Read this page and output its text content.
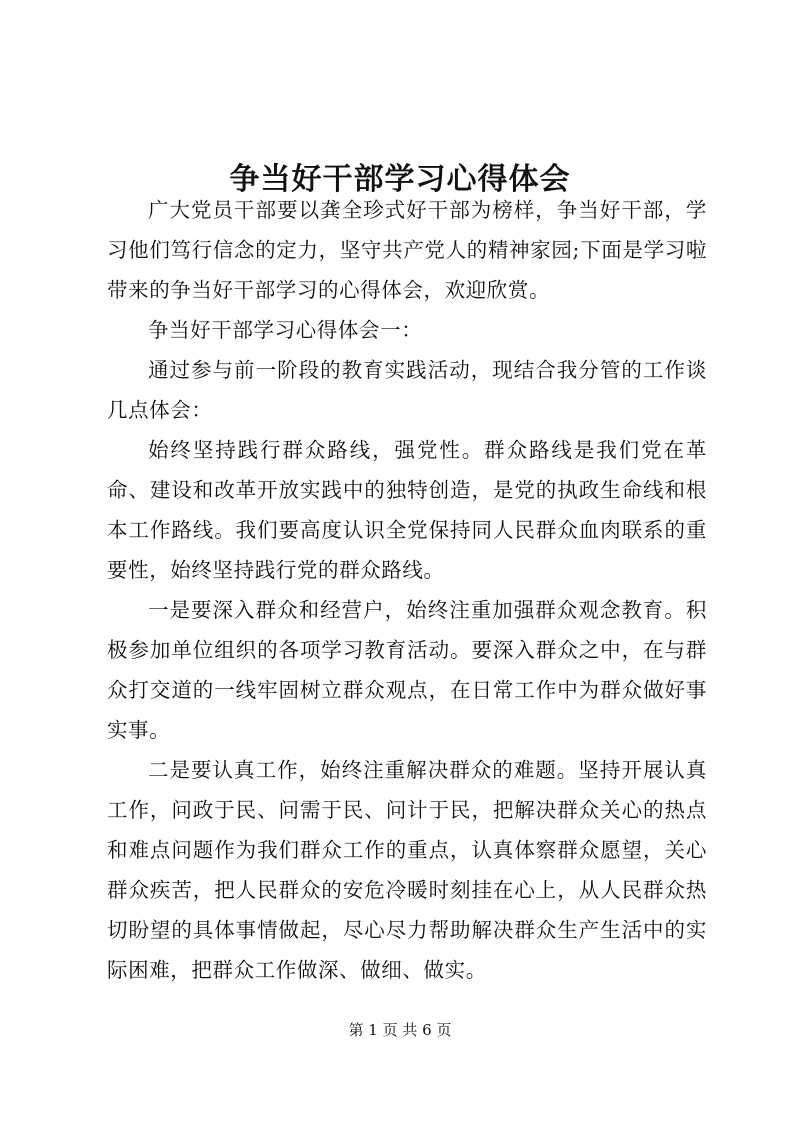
争当好干部学习心得体会

广大党员干部要以龚全珍式好干部为榜样，争当好干部，学习他们笃行信念的定力，坚守共产党人的精神家园;下面是学习啦带来的争当好干部学习的心得体会，欢迎欣赏。

争当好干部学习心得体会一：

通过参与前一阶段的教育实践活动，现结合我分管的工作谈几点体会：

始终坚持践行群众路线，强党性。群众路线是我们党在革命、建设和改革开放实践中的独特创造，是党的执政生命线和根本工作路线。我们要高度认识全党保持同人民群众血肉联系的重要性，始终坚持践行党的群众路线。

一是要深入群众和经营户，始终注重加强群众观念教育。积极参加单位组织的各项学习教育活动。要深入群众之中，在与群众打交道的一线牢固树立群众观点，在日常工作中为群众做好事实事。

二是要认真工作，始终注重解决群众的难题。坚持开展认真工作，问政于民、问需于民、问计于民，把解决群众关心的热点和难点问题作为我们群众工作的重点，认真体察群众愿望，关心群众疾苦，把人民群众的安危冷暖时刻挂在心上，从人民群众热切盼望的具体事情做起，尽心尽力帮助解决群众生产生活中的实际困难，把群众工作做深、做细、做实。

第 1 页 共 6 页
